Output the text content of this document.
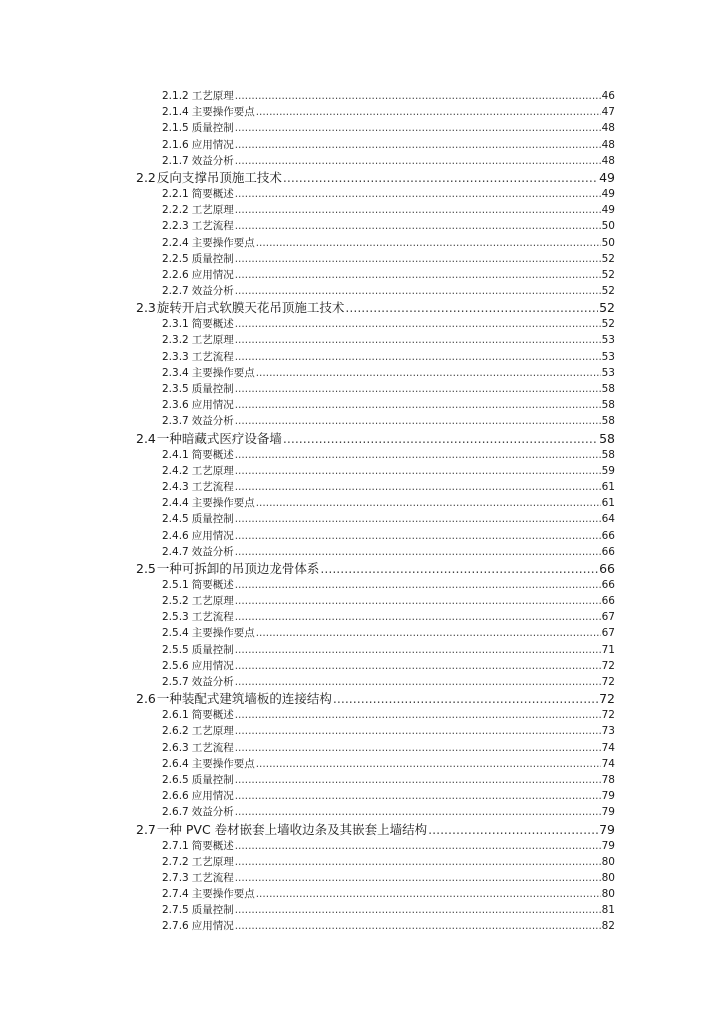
2.1.2 工艺原理 .....	46
2.1.4 主要操作要点 .....	47
2.1.5 质量控制 .....	48
2.1.6 应用情况 .....	48
2.1.7 效益分析 .....	48
2.2 反向支撑吊顶施工技术 .....	49
2.2.1 简要概述 .....	49
2.2.2 工艺原理 .....	49
2.2.3 工艺流程 .....	50
2.2.4 主要操作要点 .....	50
2.2.5 质量控制 .....	52
2.2.6 应用情况 .....	52
2.2.7 效益分析 .....	52
2.3 旋转开启式软膜天花吊顶施工技术 .....	52
2.3.1 简要概述 .....	52
2.3.2 工艺原理 .....	53
2.3.3 工艺流程 .....	53
2.3.4 主要操作要点 .....	53
2.3.5 质量控制 .....	58
2.3.6 应用情况 .....	58
2.3.7 效益分析 .....	58
2.4 一种暗藏式医疗设备墙 .....	58
2.4.1 简要概述 .....	58
2.4.2 工艺原理 .....	59
2.4.3 工艺流程 .....	61
2.4.4 主要操作要点 .....	61
2.4.5 质量控制 .....	64
2.4.6 应用情况 .....	66
2.4.7 效益分析 .....	66
2.5 一种可拆卸的吊顶边龙骨体系 .....	66
2.5.1 简要概述 .....	66
2.5.2 工艺原理 .....	66
2.5.3 工艺流程 .....	67
2.5.4 主要操作要点 .....	67
2.5.5 质量控制 .....	71
2.5.6 应用情况 .....	72
2.5.7 效益分析 .....	72
2.6 一种装配式建筑墙板的连接结构 .....	72
2.6.1 简要概述 .....	72
2.6.2 工艺原理 .....	73
2.6.3 工艺流程 .....	74
2.6.4 主要操作要点 .....	74
2.6.5 质量控制 .....	78
2.6.6 应用情况 .....	79
2.6.7 效益分析 .....	79
2.7 一种 PVC 卷材嵌套上墙收边条及其嵌套上墙结构 .....	79
2.7.1 简要概述 .....	79
2.7.2 工艺原理 .....	80
2.7.3 工艺流程 .....	80
2.7.4 主要操作要点 .....	80
2.7.5 质量控制 .....	81
2.7.6 应用情况 .....	82
